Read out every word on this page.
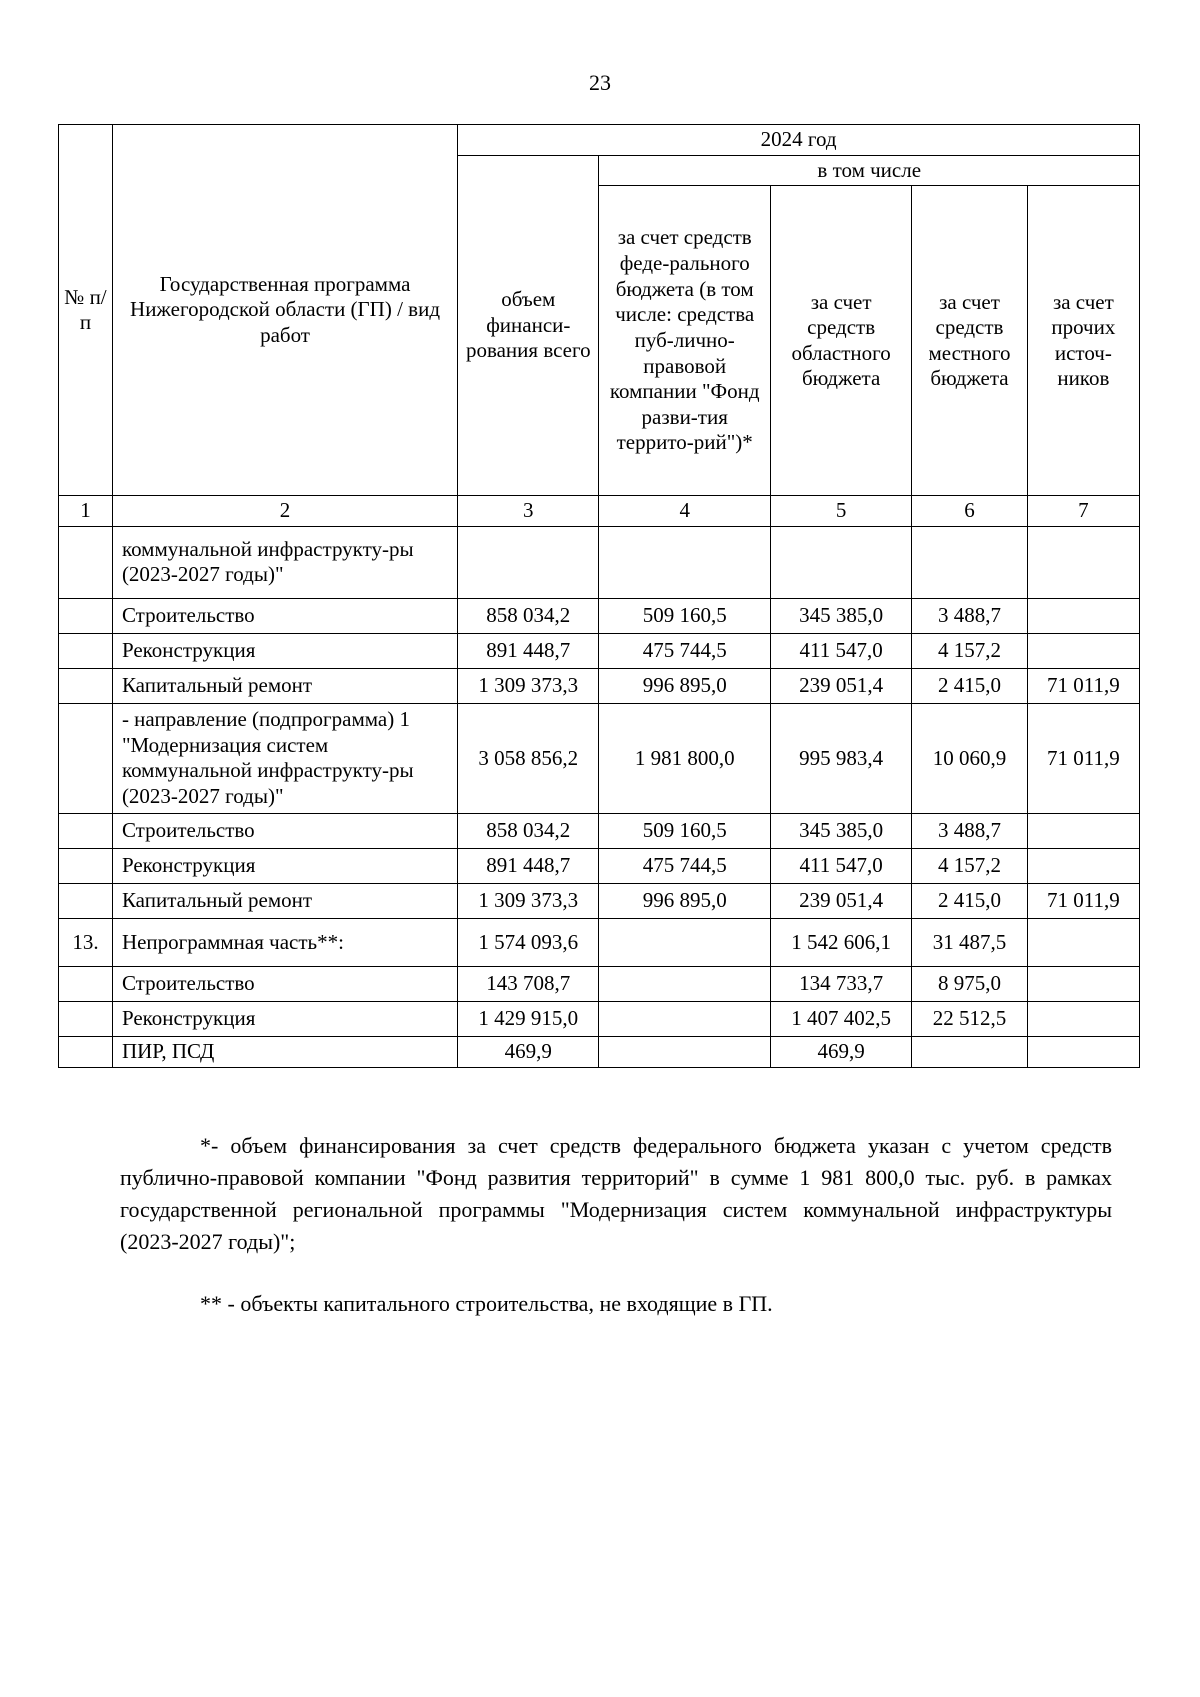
23
№ п/п	Государственная программа Нижегородской области (ГП) / вид работ	2024 год				
		объем финанси-рования всего	в том числе			
			за счет средств феде-рального бюджета (в том числе: средства пуб-лично-правовой компании "Фонд разви-тия террито-рий")*	за счет средств областного бюджета	за счет средств местного бюджета	за счет прочих источ-ников
1	2	3	4	5	6	7
	коммунальной инфраструкту-ры (2023-2027 годы)"					
	Строительство	858 034,2	509 160,5	345 385,0	3 488,7	
	Реконструкция	891 448,7	475 744,5	411 547,0	4 157,2	
	Капитальный ремонт	1 309 373,3	996 895,0	239 051,4	2 415,0	71 011,9
	- направление (подпрограмма) 1 "Модернизация систем коммунальной инфраструкту-ры (2023-2027 годы)"	3 058 856,2	1 981 800,0	995 983,4	10 060,9	71 011,9
	Строительство	858 034,2	509 160,5	345 385,0	3 488,7	
	Реконструкция	891 448,7	475 744,5	411 547,0	4 157,2	
	Капитальный ремонт	1 309 373,3	996 895,0	239 051,4	2 415,0	71 011,9
13.	Непрограммная часть**:	1 574 093,6		1 542 606,1	31 487,5	
	Строительство	143 708,7		134 733,7	8 975,0	
	Реконструкция	1 429 915,0		1 407 402,5	22 512,5	
	ПИР, ПСД	469,9		469,9		

*- объем финансирования за счет средств федерального бюджета указан с учетом средств публично-правовой компании "Фонд развития территорий" в сумме 1 981 800,0 тыс. руб. в рамках государственной региональной программы "Модернизация систем коммунальной инфраструктуры (2023-2027 годы)";

** - объекты капитального строительства, не входящие в ГП.
